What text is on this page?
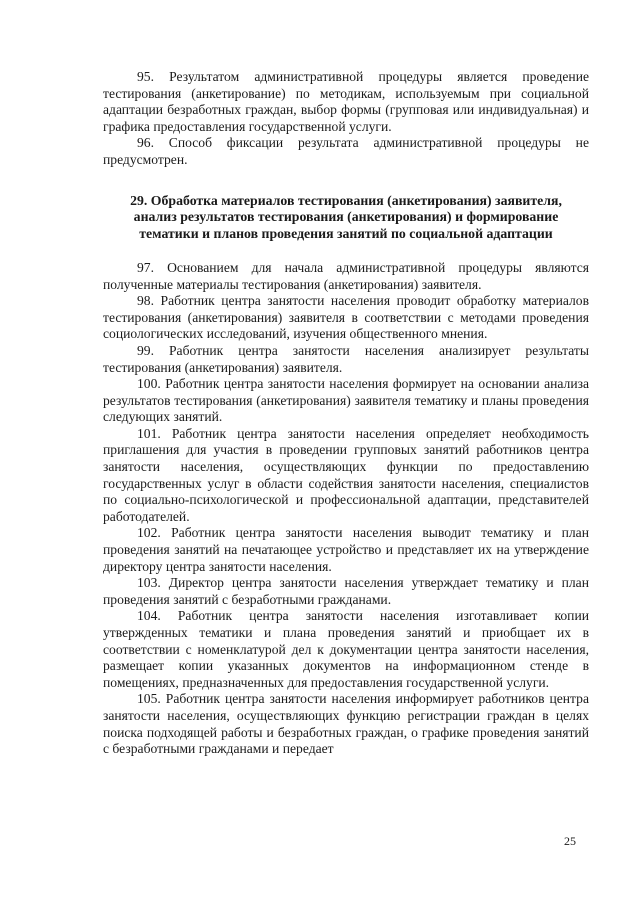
95. Результатом административной процедуры является проведение тестирования (анкетирование) по методикам, используемым при социальной адаптации безработных граждан, выбор формы (групповая или индивидуальная) и графика предоставления государственной услуги.

96. Способ фиксации результата административной процедуры не предусмотрен.

29. Обработка материалов тестирования (анкетирования) заявителя, анализ результатов тестирования (анкетирования) и формирование тематики и планов проведения занятий по социальной адаптации

97. Основанием для начала административной процедуры являются полученные материалы тестирования (анкетирования) заявителя.

98. Работник центра занятости населения проводит обработку материалов тестирования (анкетирования) заявителя в соответствии с методами проведения социологических исследований, изучения общественного мнения.

99. Работник центра занятости населения анализирует результаты тестирования (анкетирования) заявителя.

100. Работник центра занятости населения формирует на основании анализа результатов тестирования (анкетирования) заявителя тематику и планы проведения следующих занятий.

101. Работник центра занятости населения определяет необходимость приглашения для участия в проведении групповых занятий работников центра занятости населения, осуществляющих функции по предоставлению государственных услуг в области содействия занятости населения, специалистов по социально-психологической и профессиональной адаптации, представителей работодателей.

102. Работник центра занятости населения выводит тематику и план проведения занятий на печатающее устройство и представляет их на утверждение директору центра занятости населения.

103. Директор центра занятости населения утверждает тематику и план проведения занятий с безработными гражданами.

104. Работник центра занятости населения изготавливает копии утвержденных тематики и плана проведения занятий и приобщает их в соответствии с номенклатурой дел к документации центра занятости населения, размещает копии указанных документов на информационном стенде в помещениях, предназначенных для предоставления государственной услуги.

105. Работник центра занятости населения информирует работников центра занятости населения, осуществляющих функцию регистрации граждан в целях поиска подходящей работы и безработных граждан, о графике проведения занятий с безработными гражданами и передает

25
